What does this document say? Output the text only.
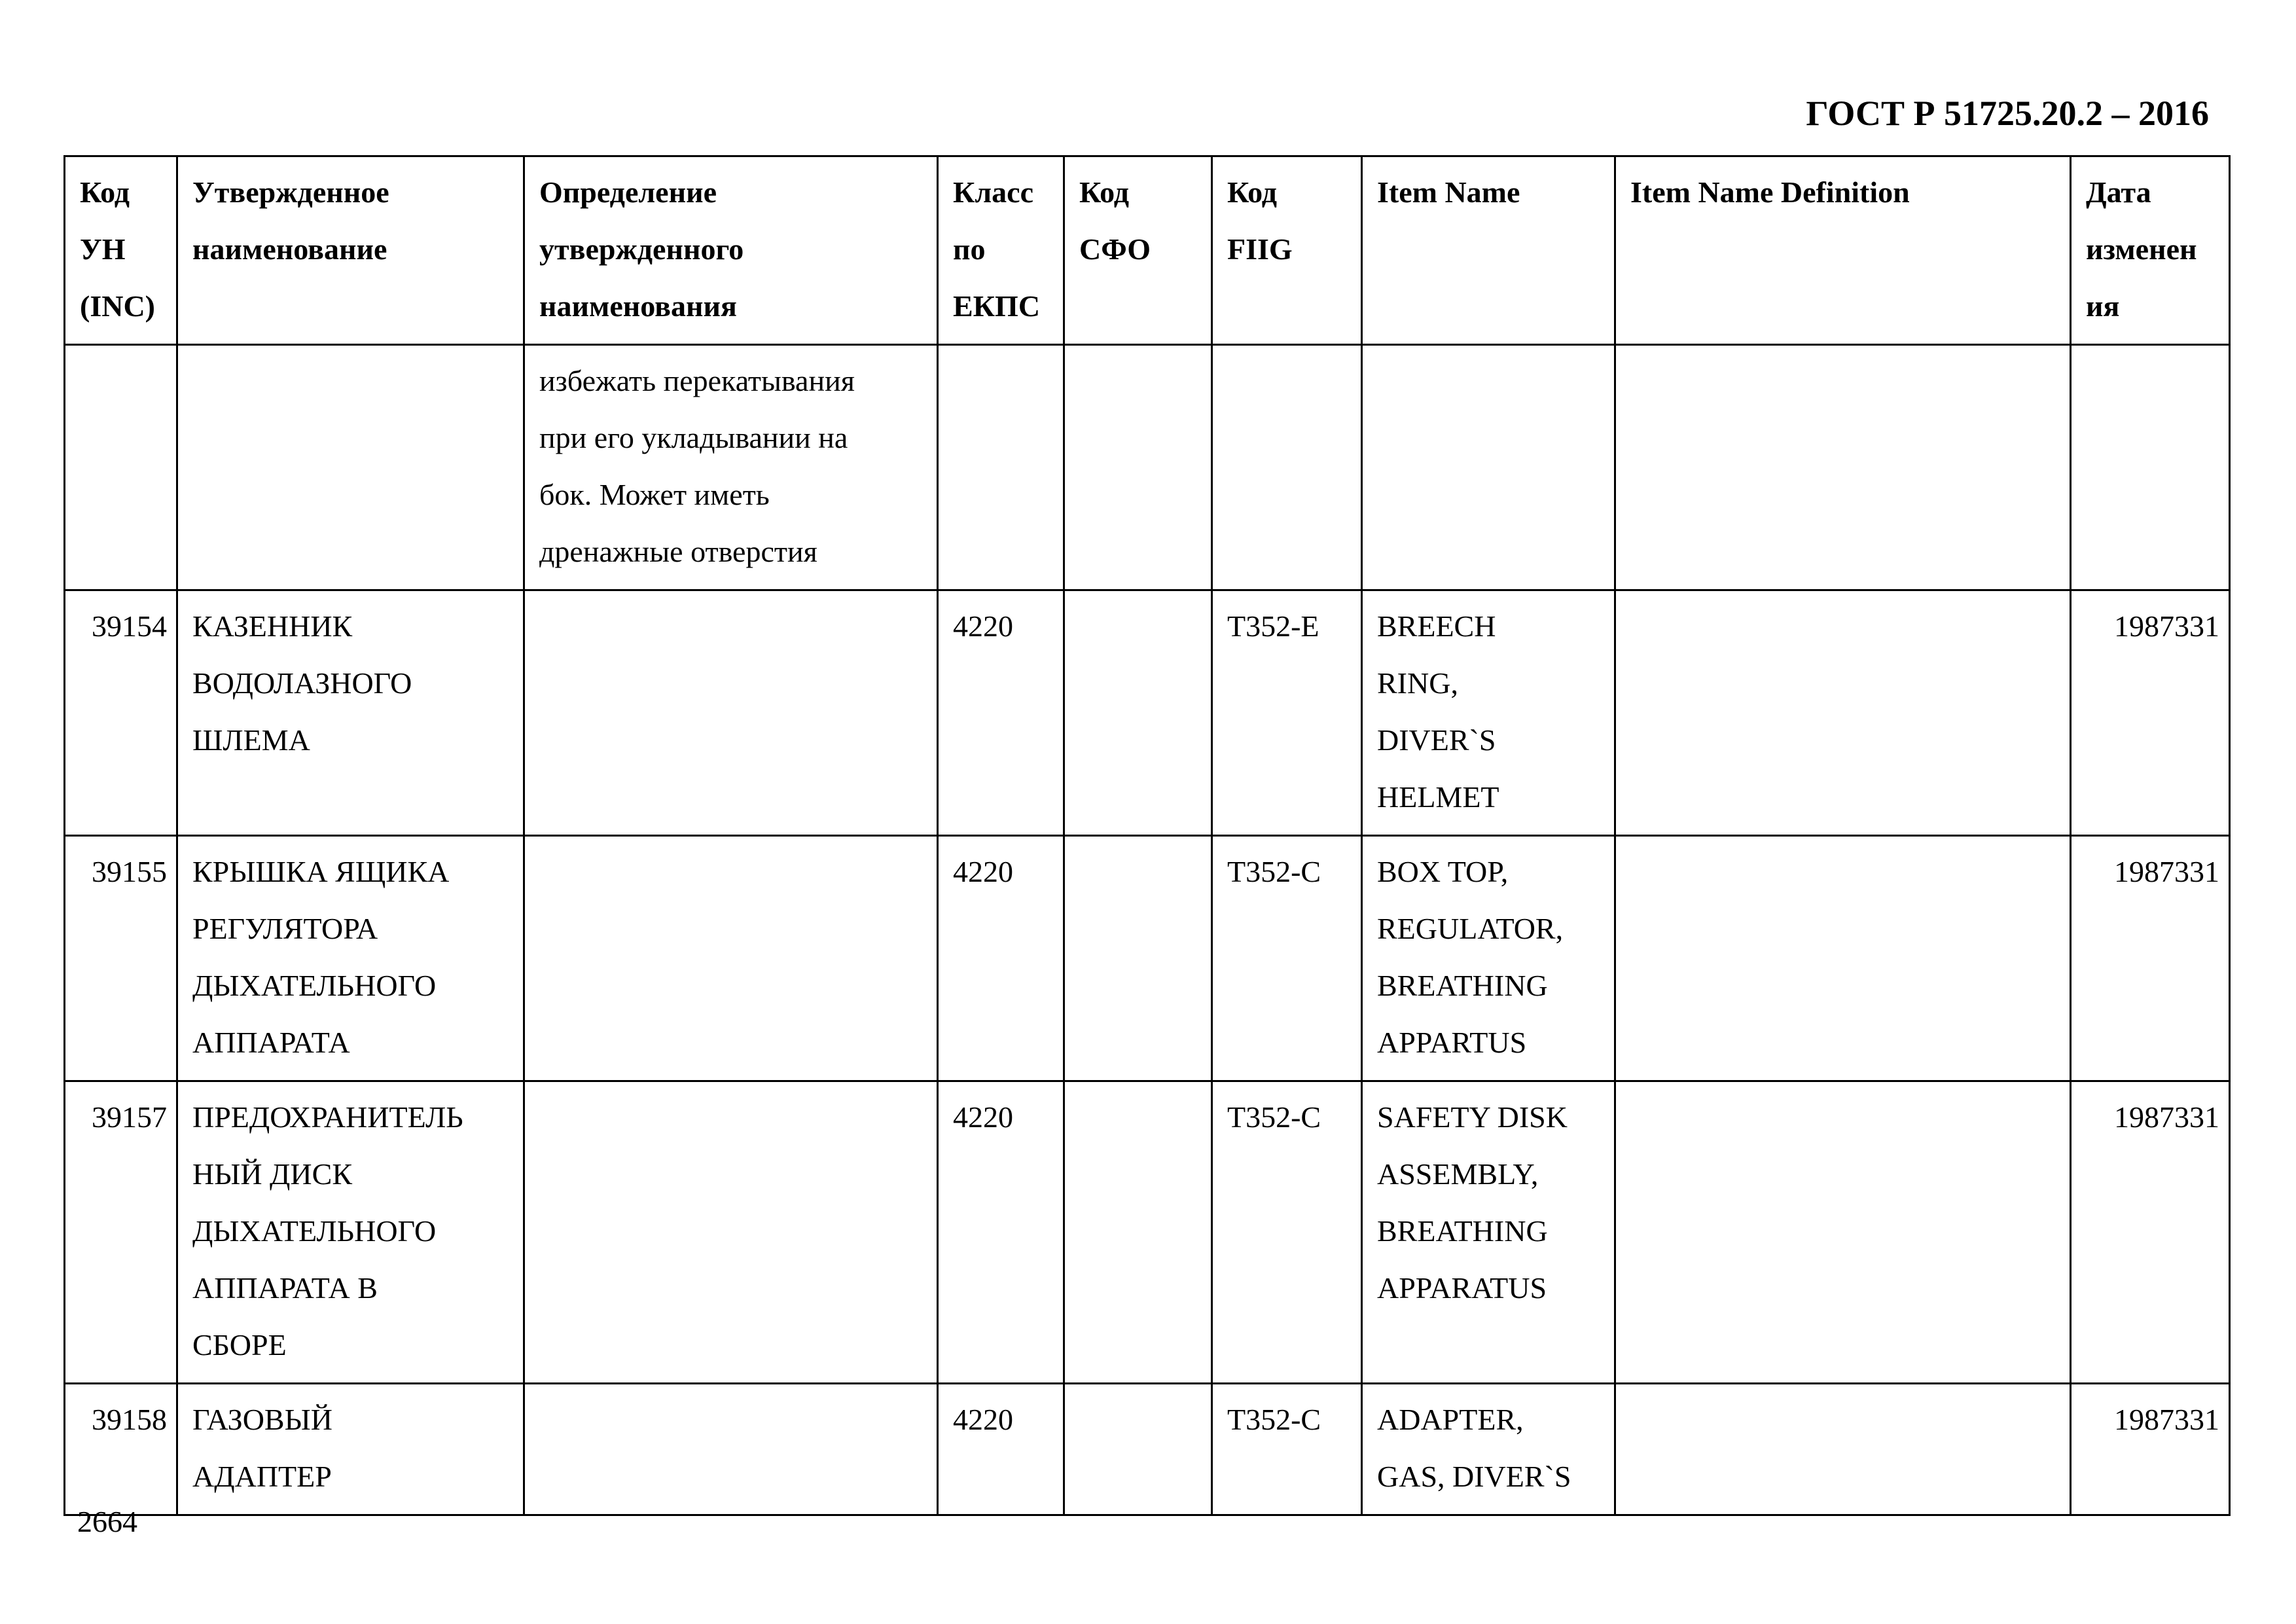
ГОСТ Р 51725.20.2 – 2016
Код
УН
(INC)	Утвержденное
наименование	Определение
утвержденного
наименования	Класс
по
ЕКПС	Код
СФО	Код
FIIG	Item Name	Item Name Definition	Дата
изменен
ия
		избежать перекатывания
при его укладывании на
бок. Может иметь
дренажные отверстия						
39154	КАЗЕННИК
ВОДОЛАЗНОГО
ШЛЕМА		4220		T352-E	BREECH
RING,
DIVER`S
HELMET		1987331
39155	КРЫШКА ЯЩИКА
РЕГУЛЯТОРА
ДЫХАТЕЛЬНОГО
АППАРАТА		4220		T352-C	BOX TOP,
REGULATOR,
BREATHING
APPARTUS		1987331
39157	ПРЕДОХРАНИТЕЛЬ
НЫЙ ДИСК
ДЫХАТЕЛЬНОГО
АППАРАТА В
СБОРЕ		4220		T352-C	SAFETY DISK
ASSEMBLY,
BREATHING
APPARATUS		1987331
39158	ГАЗОВЫЙ
АДАПТЕР		4220		T352-C	ADAPTER,
GAS, DIVER`S		1987331
2664
